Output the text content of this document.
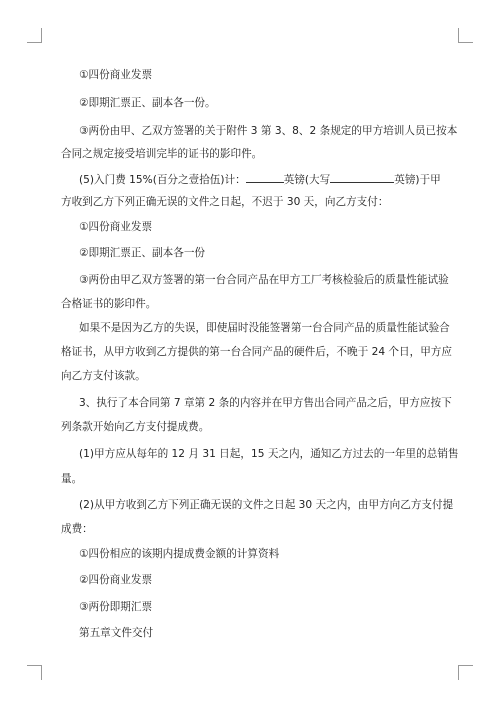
①四份商业发票
②即期汇票正、副本各一份。
③两份由甲、乙双方签署的关于附件 3 第 3、8、2 条规定的甲方培训人员已按本
合同之规定接受培训完毕的证书的影印件。
(5)入门费 15%(百分之壹拾伍)计：	英镑(大写	英镑)于甲
方收到乙方下列正确无误的文件之日起，不迟于 30 天，向乙方支付：
①四份商业发票
②即期汇票正、副本各一份
③两份由甲乙双方签署的第一台合同产品在甲方工厂考核检验后的质量性能试验
合格证书的影印件。
如果不是因为乙方的失误，即使届时没能签署第一台合同产品的质量性能试验合
格证书，从甲方收到乙方提供的第一台合同产品的硬件后，不晚于 24 个日，甲方应
向乙方支付该款。
3、执行了本合同第 7 章第 2 条的内容并在甲方售出合同产品之后，甲方应按下
列条款开始向乙方支付提成费。
(1)甲方应从每年的 12 月 31 日起，15 天之内，通知乙方过去的一年里的总销售
量。
(2)从甲方收到乙方下列正确无误的文件之日起 30 天之内，由甲方向乙方支付提
成费：
①四份相应的该期内提成费金额的计算资料
②四份商业发票
③两份即期汇票
第五章文件交付
